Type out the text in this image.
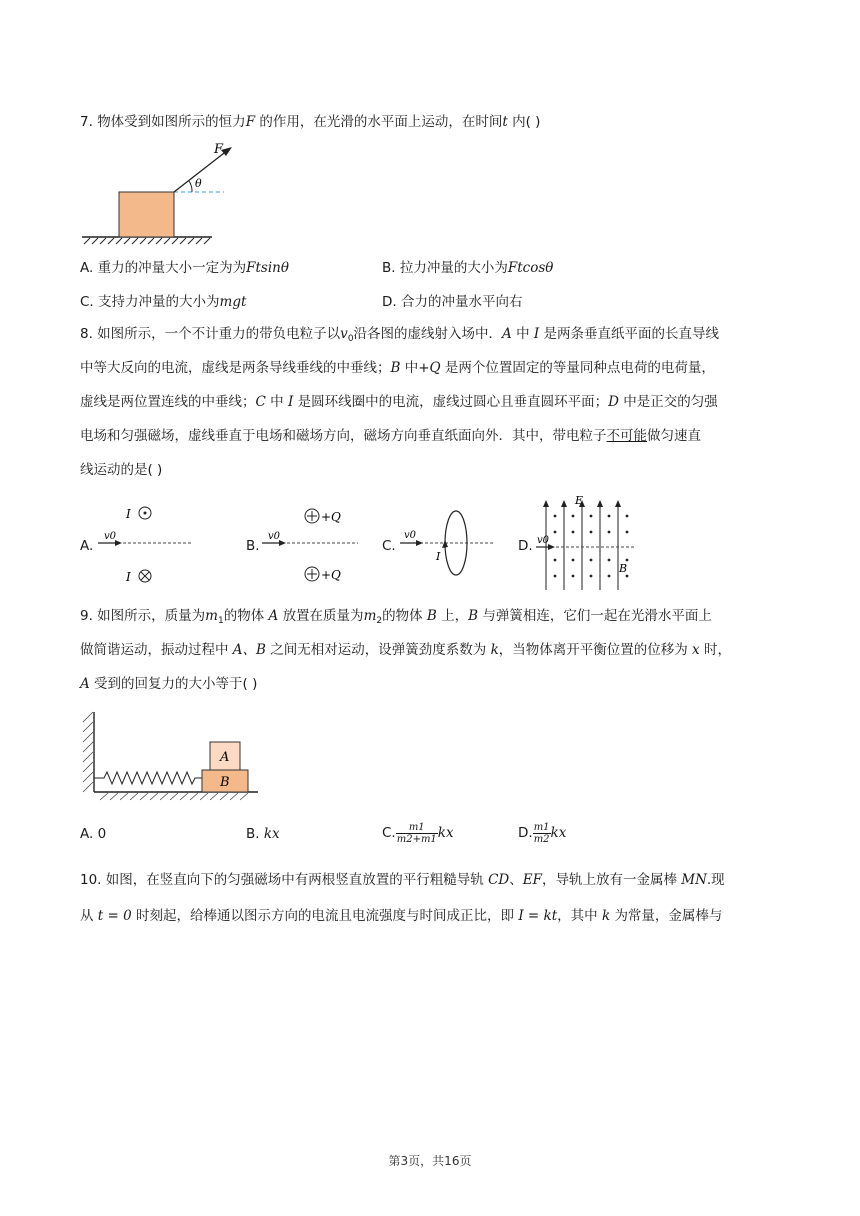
7. 物体受到如图所示的恒力F 的作用，在光滑的水平面上运动，在时间t 内( )
F
θ
A. 重力的冲量大小一定为为Ftsinθ	B. 拉力冲量的大小为Ftcosθ
C. 支持力冲量的大小为mgt	D. 合力的冲量水平向右
8. 如图所示，一个不计重力的带负电粒子以$v_0$沿各图的虚线射入场中．A 中 I 是两条垂直纸平面的长直导线
中等大反向的电流，虚线是两条导线垂线的中垂线；B 中+Q 是两个位置固定的等量同种点电荷的电荷量，
虚线是两位置连线的中垂线；C 中 I 是圆环线圈中的电流，虚线过圆心且垂直圆环平面；D 中是正交的匀强
电场和匀强磁场，虚线垂直于电场和磁场方向，磁场方向垂直纸面向外．其中，带电粒子不可能做匀速直
线运动的是( )
A.
v0
I
I
B.
v0
+Q
+Q
C.
v0
I
D. v0
E
B
9. 如图所示，质量为$m_1$的物体 A 放置在质量为$m_2$的物体 B 上，B 与弹簧相连，它们一起在光滑水平面上
做简谐运动，振动过程中 A、B 之间无相对运动，设弹簧劲度系数为 k，当物体离开平衡位置的位移为 x 时，
A 受到的回复力的大小等于( )
A
B
A. 0	B. kx	C. $\frac{m1}{m2+m1}$ kx	D. $\frac{m1}{m2}$ kx
10. 如图，在竖直向下的匀强磁场中有两根竖直放置的平行粗糙导轨 CD、EF，导轨上放有一金属棒 MN.现
从 t = 0 时刻起，给棒通以图示方向的电流且电流强度与时间成正比，即 I = kt，其中 k 为常量，金属棒与
第3页，共16页
